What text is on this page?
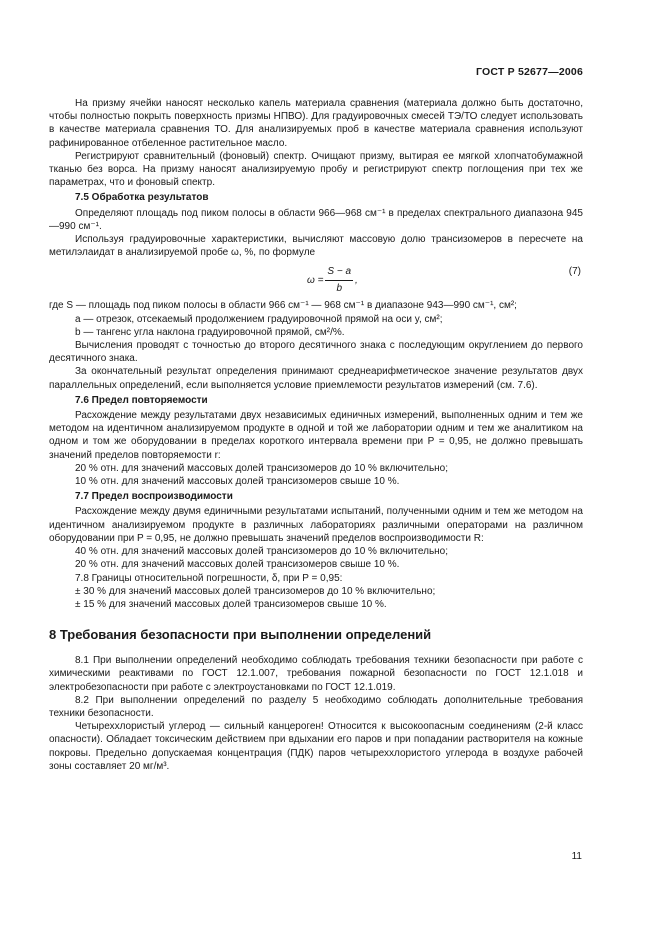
ГОСТ Р 52677—2006

На призму ячейки наносят несколько капель материала сравнения (материала должно быть достаточно, чтобы полностью покрыть поверхность призмы НПВО). Для градуировочных смесей ТЭ/ТО следует использовать в качестве материала сравнения ТО. Для анализируемых проб в качестве материала сравнения используют рафинированное отбеленное растительное масло.

Регистрируют сравнительный (фоновый) спектр. Очищают призму, вытирая ее мягкой хлопчатобумажной тканью без ворса. На призму наносят анализируемую пробу и регистрируют спектр поглощения при тех же параметрах, что и фоновый спектр.

7.5 Обработка результатов

Определяют площадь под пиком полосы в области 966—968 см⁻¹ в пределах спектрального диапазона 945—990 см⁻¹.

Используя градуировочные характеристики, вычисляют массовую долю трансизомеров в пересчете на метилэлаидат в анализируемой пробе ω, %, по формуле

$\omega = \frac{S - a}{b}$ ,
(7)

где S — площадь под пиком полосы в области 966 см⁻¹ — 968 см⁻¹ в диапазоне 943—990 см⁻¹, см²;

a — отрезок, отсекаемый продолжением градуировочной прямой на оси y, см²;

b — тангенс угла наклона градуировочной прямой, см²/%.

Вычисления проводят с точностью до второго десятичного знака с последующим округлением до первого десятичного знака.

За окончательный результат определения принимают среднеарифметическое значение результатов двух параллельных определений, если выполняется условие приемлемости результатов измерений (см. 7.6).

7.6 Предел повторяемости

Расхождение между результатами двух независимых единичных измерений, выполненных одним и тем же методом на идентичном анализируемом продукте в одной и той же лаборатории одним и тем же аналитиком на одном и том же оборудовании в пределах короткого интервала времени при P = 0,95, не должно превышать значений пределов повторяемости r:

20 % отн. для значений массовых долей трансизомеров до 10 % включительно;

10 % отн. для значений массовых долей трансизомеров свыше 10 %.

7.7 Предел воспроизводимости

Расхождение между двумя единичными результатами испытаний, полученными одним и тем же методом на идентичном анализируемом продукте в различных лабораториях различными операторами на различном оборудовании при P = 0,95, не должно превышать значений пределов воспроизводимости R:

40 % отн. для значений массовых долей трансизомеров до 10 % включительно;

20 % отн. для значений массовых долей трансизомеров свыше 10 %.

7.8 Границы относительной погрешности, δ, при P = 0,95:

± 30 % для значений массовых долей трансизомеров до 10 % включительно;

± 15 % для значений массовых долей трансизомеров свыше 10 %.

8 Требования безопасности при выполнении определений

8.1 При выполнении определений необходимо соблюдать требования техники безопасности при работе с химическими реактивами по ГОСТ 12.1.007, требования пожарной безопасности по ГОСТ 12.1.018 и электробезопасности при работе с электроустановками по ГОСТ 12.1.019.

8.2 При выполнении определений по разделу 5 необходимо соблюдать дополнительные требования техники безопасности.

Четыреххлористый углерод — сильный канцероген! Относится к высокоопасным соединениям (2-й класс опасности). Обладает токсическим действием при вдыхании его паров и при попадании растворителя на кожные покровы. Предельно допускаемая концентрация (ПДК) паров четыреххлористого углерода в воздухе рабочей зоны составляет 20 мг/м³.

11
